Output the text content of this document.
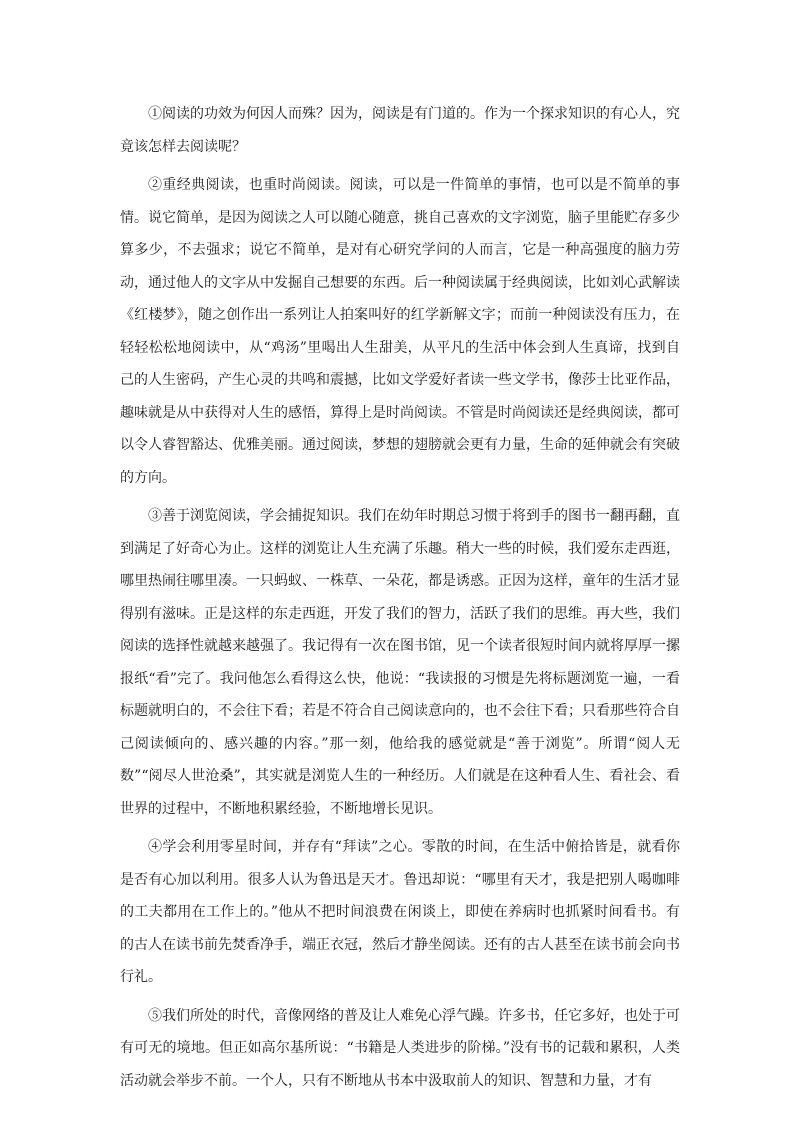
①阅读的功效为何因人而殊？因为，阅读是有门道的。作为一个探求知识的有心人，究竟该怎样去阅读呢？

②重经典阅读，也重时尚阅读。阅读，可以是一件简单的事情，也可以是不简单的事情。说它简单，是因为阅读之人可以随心随意，挑自己喜欢的文字浏览，脑子里能贮存多少算多少，不去强求；说它不简单，是对有心研究学问的人而言，它是一种高强度的脑力劳动，通过他人的文字从中发掘自己想要的东西。后一种阅读属于经典阅读，比如刘心武解读《红楼梦》，随之创作出一系列让人拍案叫好的红学新解文字；而前一种阅读没有压力，在轻轻松松地阅读中，从“鸡汤”里喝出人生甜美，从平凡的生活中体会到人生真谛，找到自己的人生密码，产生心灵的共鸣和震撼，比如文学爱好者读一些文学书，像莎士比亚作品，趣味就是从中获得对人生的感悟，算得上是时尚阅读。不管是时尚阅读还是经典阅读，都可以令人睿智豁达、优雅美丽。通过阅读，梦想的翅膀就会更有力量，生命的延伸就会有突破的方向。

③善于浏览阅读，学会捕捉知识。我们在幼年时期总习惯于将到手的图书一翻再翻，直到满足了好奇心为止。这样的浏览让人生充满了乐趣。稍大一些的时候，我们爱东走西逛，哪里热闹往哪里凑。一只蚂蚁、一株草、一朵花，都是诱惑。正因为这样，童年的生活才显得别有滋味。正是这样的东走西逛，开发了我们的智力，活跃了我们的思维。再大些，我们阅读的选择性就越来越强了。我记得有一次在图书馆，见一个读者很短时间内就将厚厚一摞报纸“看”完了。我问他怎么看得这么快，他说：“我读报的习惯是先将标题浏览一遍，一看标题就明白的，不会往下看；若是不符合自己阅读意向的，也不会往下看；只看那些符合自己阅读倾向的、感兴趣的内容。”那一刻，他给我的感觉就是“善于浏览”。所谓“阅人无数”“阅尽人世沧桑”，其实就是浏览人生的一种经历。人们就是在这种看人生、看社会、看世界的过程中，不断地积累经验，不断地增长见识。

④学会利用零星时间，并存有“拜读”之心。零散的时间，在生活中俯拾皆是，就看你是否有心加以利用。很多人认为鲁迅是天才。鲁迅却说：“哪里有天才，我是把别人喝咖啡的工夫都用在工作上的。”他从不把时间浪费在闲谈上，即使在养病时也抓紧时间看书。有的古人在读书前先焚香净手，端正衣冠，然后才静坐阅读。还有的古人甚至在读书前会向书行礼。

⑤我们所处的时代，音像网络的普及让人难免心浮气躁。许多书，任它多好，也处于可有可无的境地。但正如高尔基所说：“书籍是人类进步的阶梯。”没有书的记载和累积，人类活动就会举步不前。一个人，只有不断地从书本中汲取前人的知识、智慧和力量，才有
